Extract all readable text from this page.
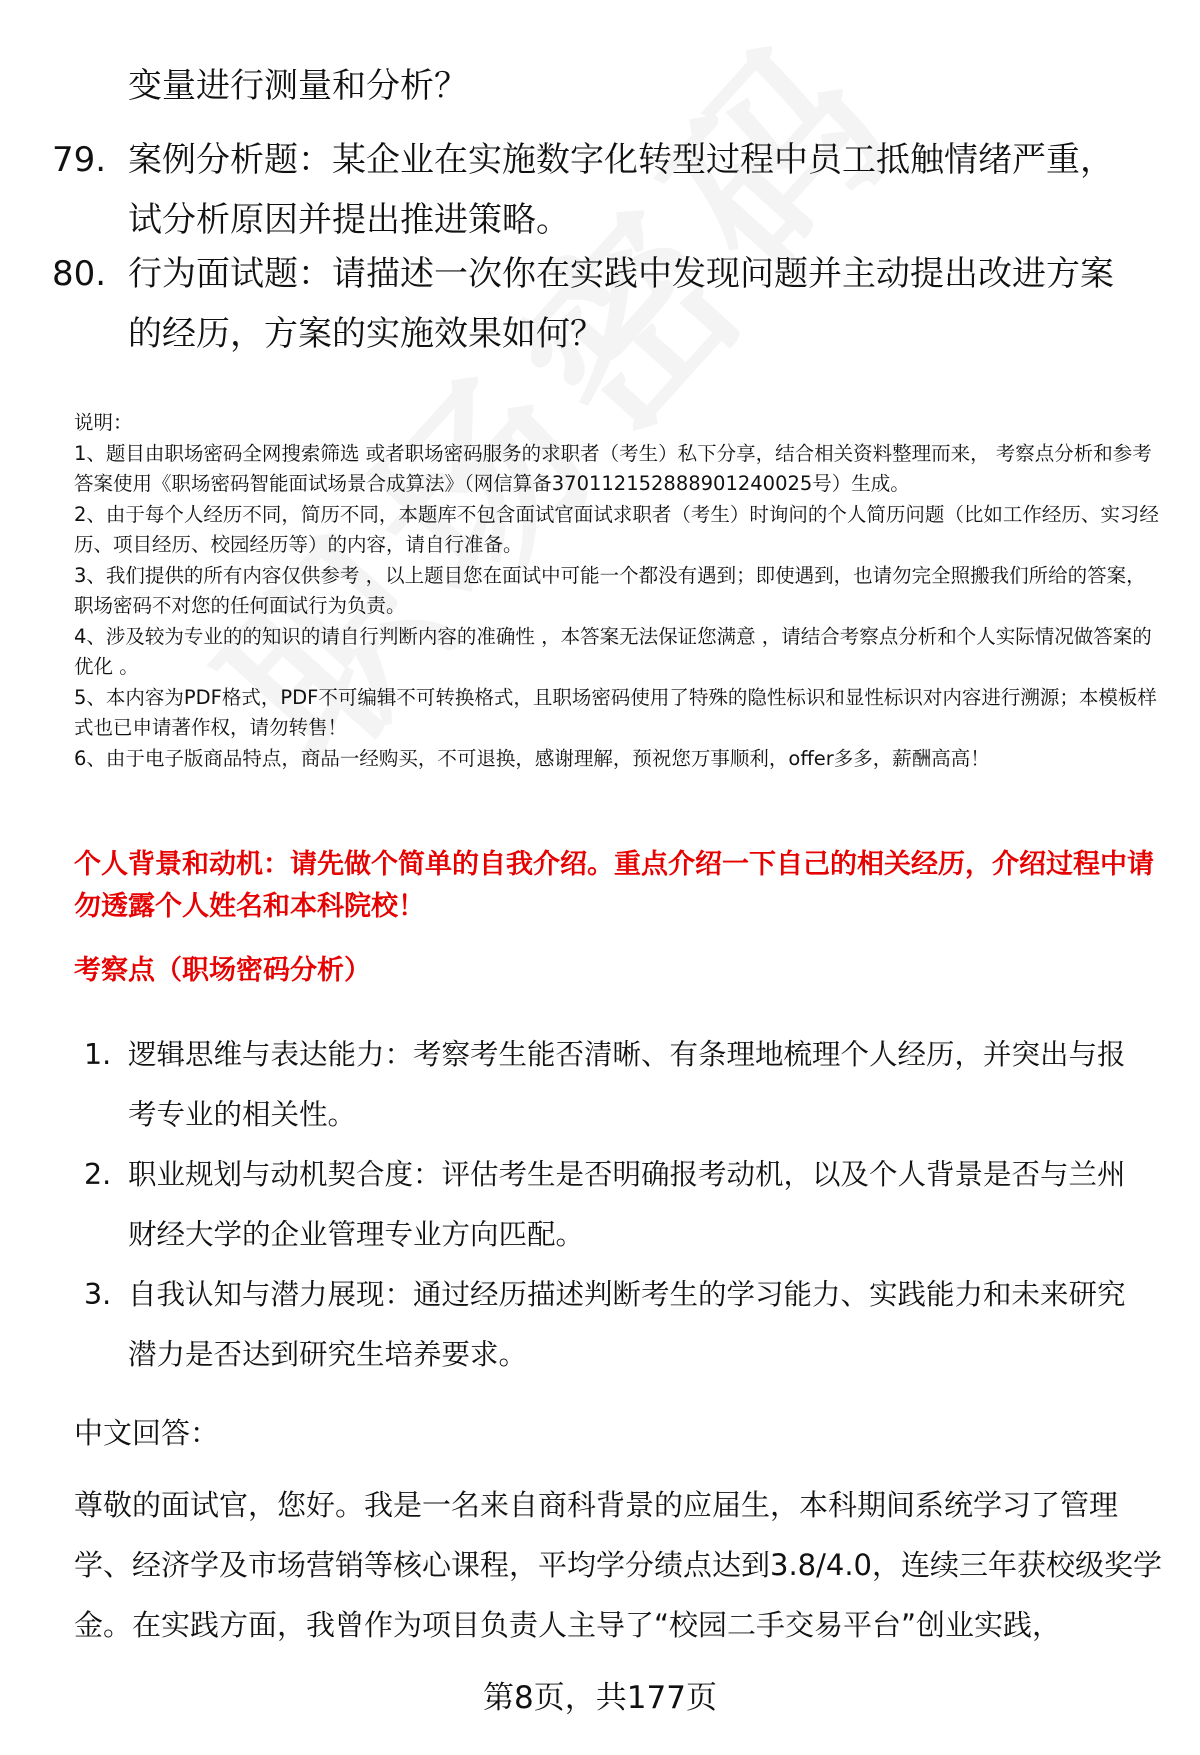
变量进行测量和分析？
79. 案例分析题：某企业在实施数字化转型过程中员工抵触情绪严重，试分析原因并提出推进策略。
80. 行为面试题：请描述一次你在实践中发现问题并主动提出改进方案的经历，方案的实施效果如何？
说明：
1、题目由职场密码全网搜索筛选 或者职场密码服务的求职者（考生）私下分享，结合相关资料整理而来， 考察点分析和参考答案使用《职场密码智能面试场景合成算法》（网信算备370112152888901240025号）生成。
2、由于每个人经历不同，简历不同，本题库不包含面试官面试求职者（考生）时询问的个人简历问题（比如工作经历、实习经历、项目经历、校园经历等）的内容，请自行准备。
3、我们提供的所有内容仅供参考 ，以上题目您在面试中可能一个都没有遇到；即使遇到，也请勿完全照搬我们所给的答案，职场密码不对您的任何面试行为负责。
4、涉及较为专业的的知识的请自行判断内容的准确性 ，本答案无法保证您满意 ，请结合考察点分析和个人实际情况做答案的优化 。
5、本内容为PDF格式，PDF不可编辑不可转换格式，且职场密码使用了特殊的隐性标识和显性标识对内容进行溯源；本模板样式也已申请著作权，请勿转售！
6、由于电子版商品特点，商品一经购买，不可退换，感谢理解，预祝您万事顺利，offer多多，薪酬高高！
个人背景和动机：请先做个简单的自我介绍。重点介绍一下自己的相关经历，介绍过程中请勿透露个人姓名和本科院校！
考察点（职场密码分析）
1. 逻辑思维与表达能力：考察考生能否清晰、有条理地梳理个人经历，并突出与报考专业的相关性。
2. 职业规划与动机契合度：评估考生是否明确报考动机，以及个人背景是否与兰州财经大学的企业管理专业方向匹配。
3. 自我认知与潜力展现：通过经历描述判断考生的学习能力、实践能力和未来研究潜力是否达到研究生培养要求。
中文回答：
尊敬的面试官，您好。我是一名来自商科背景的应届生，本科期间系统学习了管理学、经济学及市场营销等核心课程，平均学分绩点达到3.8/4.0，连续三年获校级奖学金。在实践方面，我曾作为项目负责人主导了“校园二手交易平台”创业实践，
第8页，共177页
